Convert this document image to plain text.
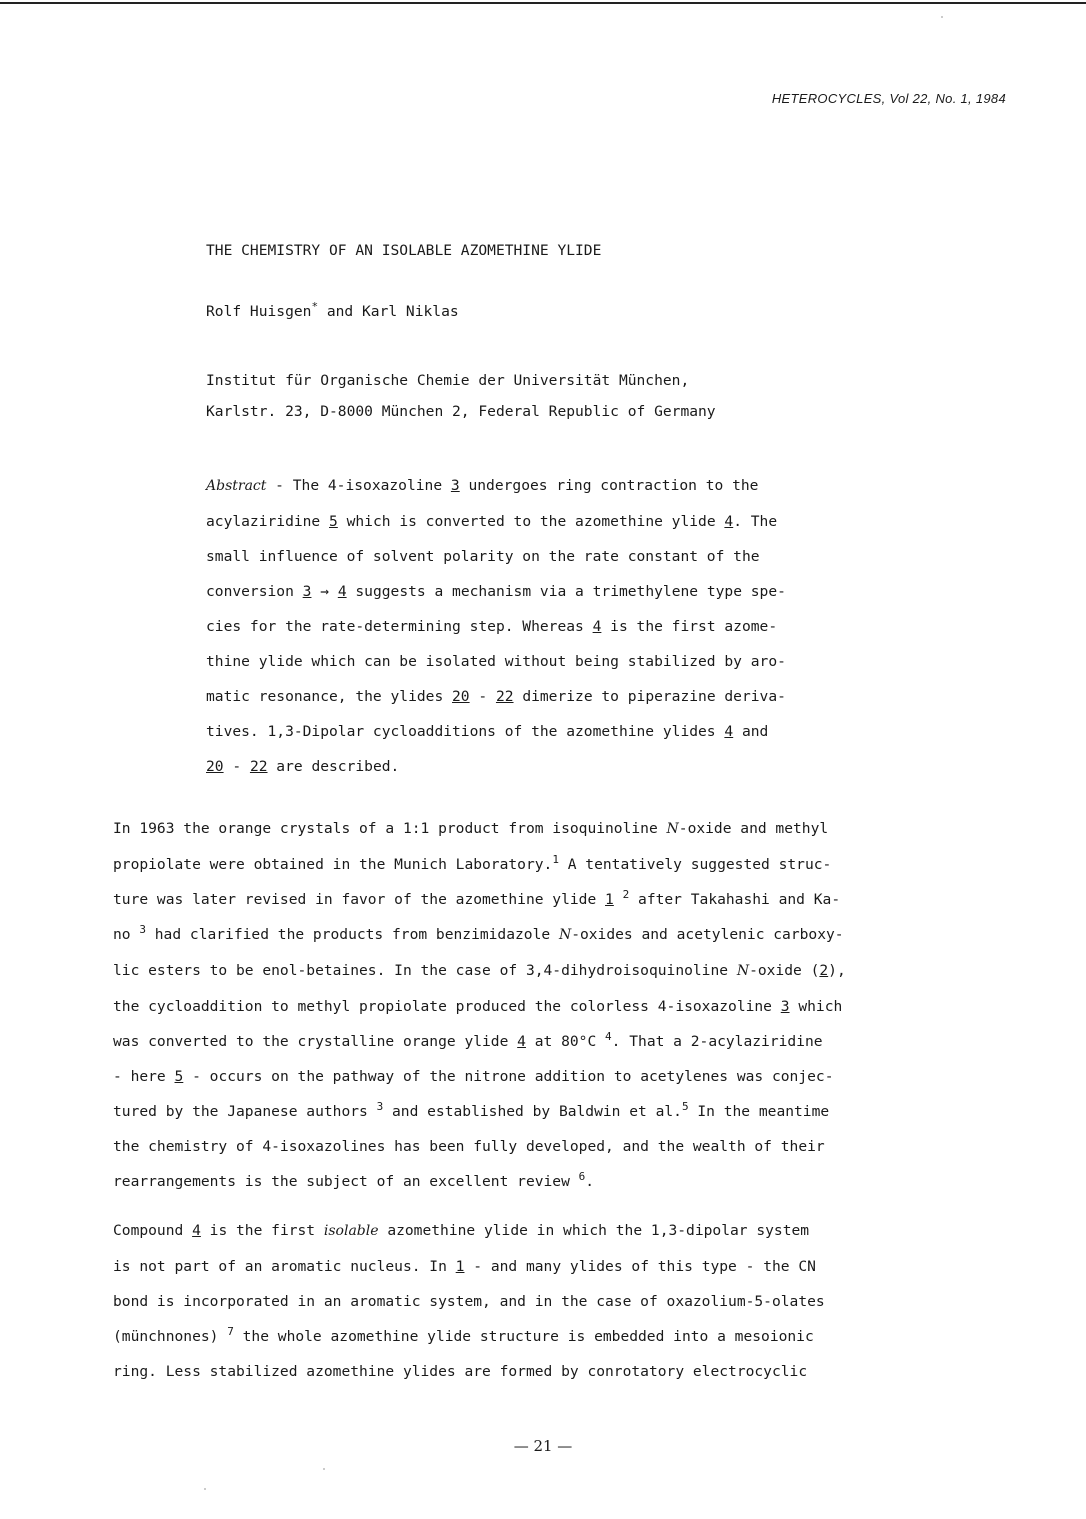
HETEROCYCLES, Vol 22, No. 1, 1984
THE CHEMISTRY OF AN ISOLABLE AZOMETHINE YLIDE
Rolf Huisgen* and Karl Niklas
Institut für Organische Chemie der Universität München,
Karlstr. 23, D-8000 München 2, Federal Republic of Germany
Abstract - The 4-isoxazoline 3 undergoes ring contraction to the
acylaziridine 5 which is converted to the azomethine ylide 4. The
small influence of solvent polarity on the rate constant of the
conversion 3 → 4 suggests a mechanism via a trimethylene type spe-
cies for the rate-determining step. Whereas 4 is the first azome-
thine ylide which can be isolated without being stabilized by aro-
matic resonance, the ylides 20 - 22 dimerize to piperazine deriva-
tives. 1,3-Dipolar cycloadditions of the azomethine ylides 4 and
20 - 22 are described.
In 1963 the orange crystals of a 1:1 product from isoquinoline N-oxide and methyl
propiolate were obtained in the Munich Laboratory.$^1$ A tentatively suggested struc-
ture was later revised in favor of the azomethine ylide 1 $^2$ after Takahashi and Ka-
no $^3$ had clarified the products from benzimidazole N-oxides and acetylenic carboxy-
lic esters to be enol-betaines. In the case of 3,4-dihydroisoquinoline N-oxide (2),
the cycloaddition to methyl propiolate produced the colorless 4-isoxazoline 3 which
was converted to the crystalline orange ylide 4 at 80°C $^4$. That a 2-acylaziridine
- here 5 - occurs on the pathway of the nitrone addition to acetylenes was conjec-
tured by the Japanese authors $^3$ and established by Baldwin et al.$^5$ In the meantime
the chemistry of 4-isoxazolines has been fully developed, and the wealth of their
rearrangements is the subject of an excellent review $^6$.
Compound 4 is the first isolable azomethine ylide in which the 1,3-dipolar system
is not part of an aromatic nucleus. In 1 - and many ylides of this type - the CN
bond is incorporated in an aromatic system, and in the case of oxazolium-5-olates
(münchnones) $^7$ the whole azomethine ylide structure is embedded into a mesoionic
ring. Less stabilized azomethine ylides are formed by conrotatory electrocyclic
— 21 —
